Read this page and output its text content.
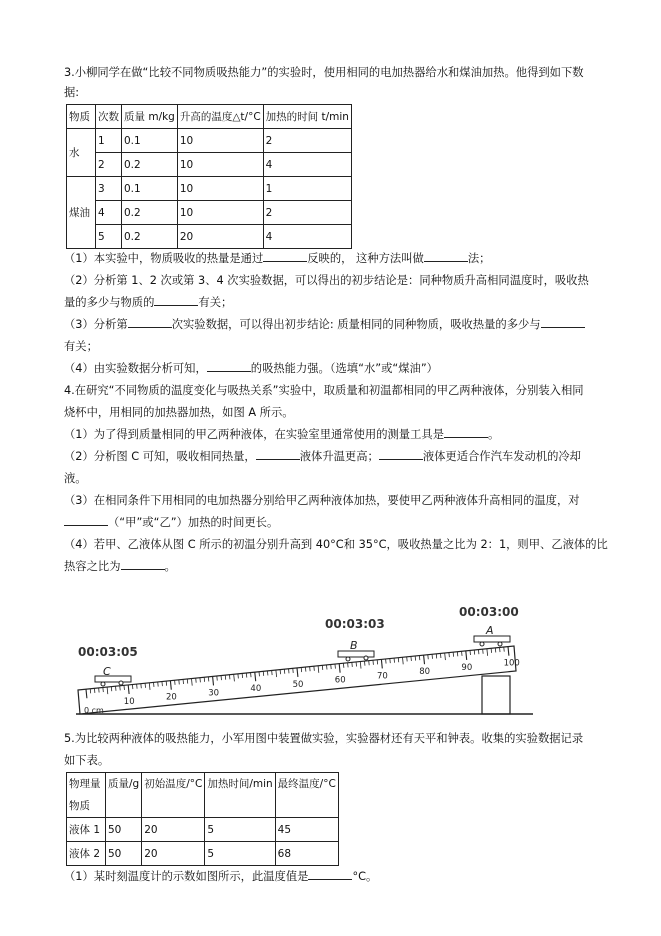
3.小柳同学在做“比较不同物质吸热能力”的实验时，使用相同的电加热器给水和煤油加热。他得到如下数
据:
物质	次数	质量 m/kg	升高的温度△t/°C	加热的时间 t/min
水	1	0.1	10	2
	2	0.2	10	4
煤油	3	0.1	10	1
	4	0.2	10	2
	5	0.2	20	4
（1）本实验中，物质吸收的热量是通过	反映的， 这种方法叫做	法；
（2）分析第 1、2 次或第 3、4 次实验数据，可以得出的初步结论是：同种物质升高相同温度时，吸收热
量的多少与物质的	有关；
（3）分析第	次实验数据，可以得出初步结论: 质量相同的同种物质，吸收热量的多少与
有关；
（4）由实验数据分析可知，	的吸热能力强。（选填“水”或“煤油”）
4.在研究“不同物质的温度变化与吸热关系”实验中，取质量和初温都相同的甲乙两种液体，分别装入相同
烧杯中，用相同的加热器加热，如图 A 所示。
（1）为了得到质量相同的甲乙两种液体，在实验室里通常使用的测量工具是	。
（2）分析图 C 可知，吸收相同热量，	液体升温更高；	液体更适合作汽车发动机的冷却
液。
（3）在相同条件下用相同的电加热器分别给甲乙两种液体加热，要使甲乙两种液体升高相同的温度，对
（“甲”或“乙”）加热的时间更长。
（4）若甲、乙液体从图 C 所示的初温分别升高到 40°C和 35°C，吸收热量之比为 2：1，则甲、乙液体的比
热容之比为	。
10	20	30	40	50	60	70	80	90	100
0 cm
C
00:03:05	B
00:03:03	A
00:03:00
5.为比较两种液体的吸热能力，小军用图中装置做实验，实验器材还有天平和钟表。收集的实验数据记录
如下表。
物理量
物质	质量/g	初始温度/°C	加热时间/min	最终温度/°C
液体 1	50	20	5	45
液体 2	50	20	5	68
（1）某时刻温度计的示数如图所示，此温度值是	°C。
